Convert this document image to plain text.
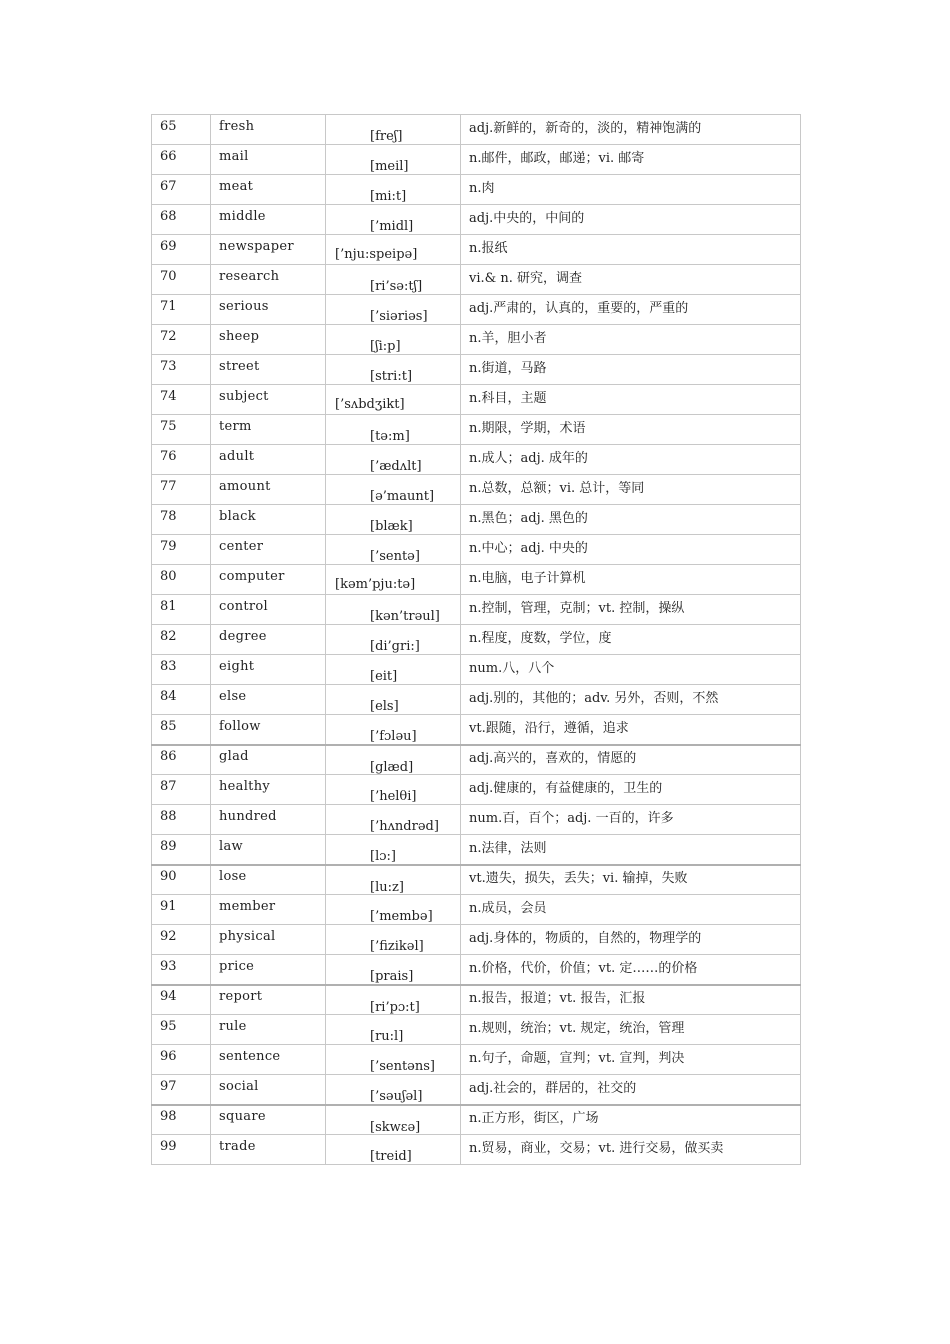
65	fresh	[freʃ]	adj.新鲜的，新奇的，淡的，精神饱满的
66	mail	[meil]	n.邮件，邮政，邮递；vi. 邮寄
67	meat	[mi:t]	n.肉
68	middle	[’midl]	adj.中央的，中间的
69	newspaper	[’nju:speipə]	n.报纸
70	research	[ri’sə:tʃ]	vi.& n. 研究，调查
71	serious	[’siəriəs]	adj.严肃的，认真的，重要的，严重的
72	sheep	[ʃi:p]	n.羊，胆小者
73	street	[stri:t]	n.街道，马路
74	subject	[’sʌbdʒikt]	n.科目，主题
75	term	[tə:m]	n.期限，学期，术语
76	adult	[’ædʌlt]	n.成人；adj. 成年的
77	amount	[ə’maunt]	n.总数，总额；vi. 总计，等同
78	black	[blæk]	n.黑色；adj. 黑色的
79	center	[’sentə]	n.中心；adj. 中央的
80	computer	[kəm’pju:tə]	n.电脑，电子计算机
81	control	[kən’trəul]	n.控制，管理，克制；vt. 控制，操纵
82	degree	[di’gri:]	n.程度，度数，学位，度
83	eight	[eit]	num.八，八个
84	else	[els]	adj.别的，其他的；adv. 另外，否则，不然
85	follow	[’fɔləu]	vt.跟随，沿行，遵循，追求
86	glad	[glæd]	adj.高兴的，喜欢的，情愿的
87	healthy	[’helθi]	adj.健康的，有益健康的，卫生的
88	hundred	[’hʌndrəd]	num.百，百个；adj. 一百的，许多
89	law	[lɔ:]	n.法律，法则
90	lose	[lu:z]	vt.遗失，损失，丢失；vi. 输掉，失败
91	member	[’membə]	n.成员，会员
92	physical	[’fizikəl]	adj.身体的，物质的，自然的，物理学的
93	price	[prais]	n.价格，代价，价值；vt. 定……的价格
94	report	[ri’pɔ:t]	n.报告，报道；vt. 报告，汇报
95	rule	[ru:l]	n.规则，统治；vt. 规定，统治，管理
96	sentence	[’sentəns]	n.句子，命题，宣判；vt. 宣判，判决
97	social	[’səuʃəl]	adj.社会的，群居的，社交的
98	square	[skwɛə]	n.正方形，街区，广场
99	trade	[treid]	n.贸易，商业，交易；vt. 进行交易，做买卖
